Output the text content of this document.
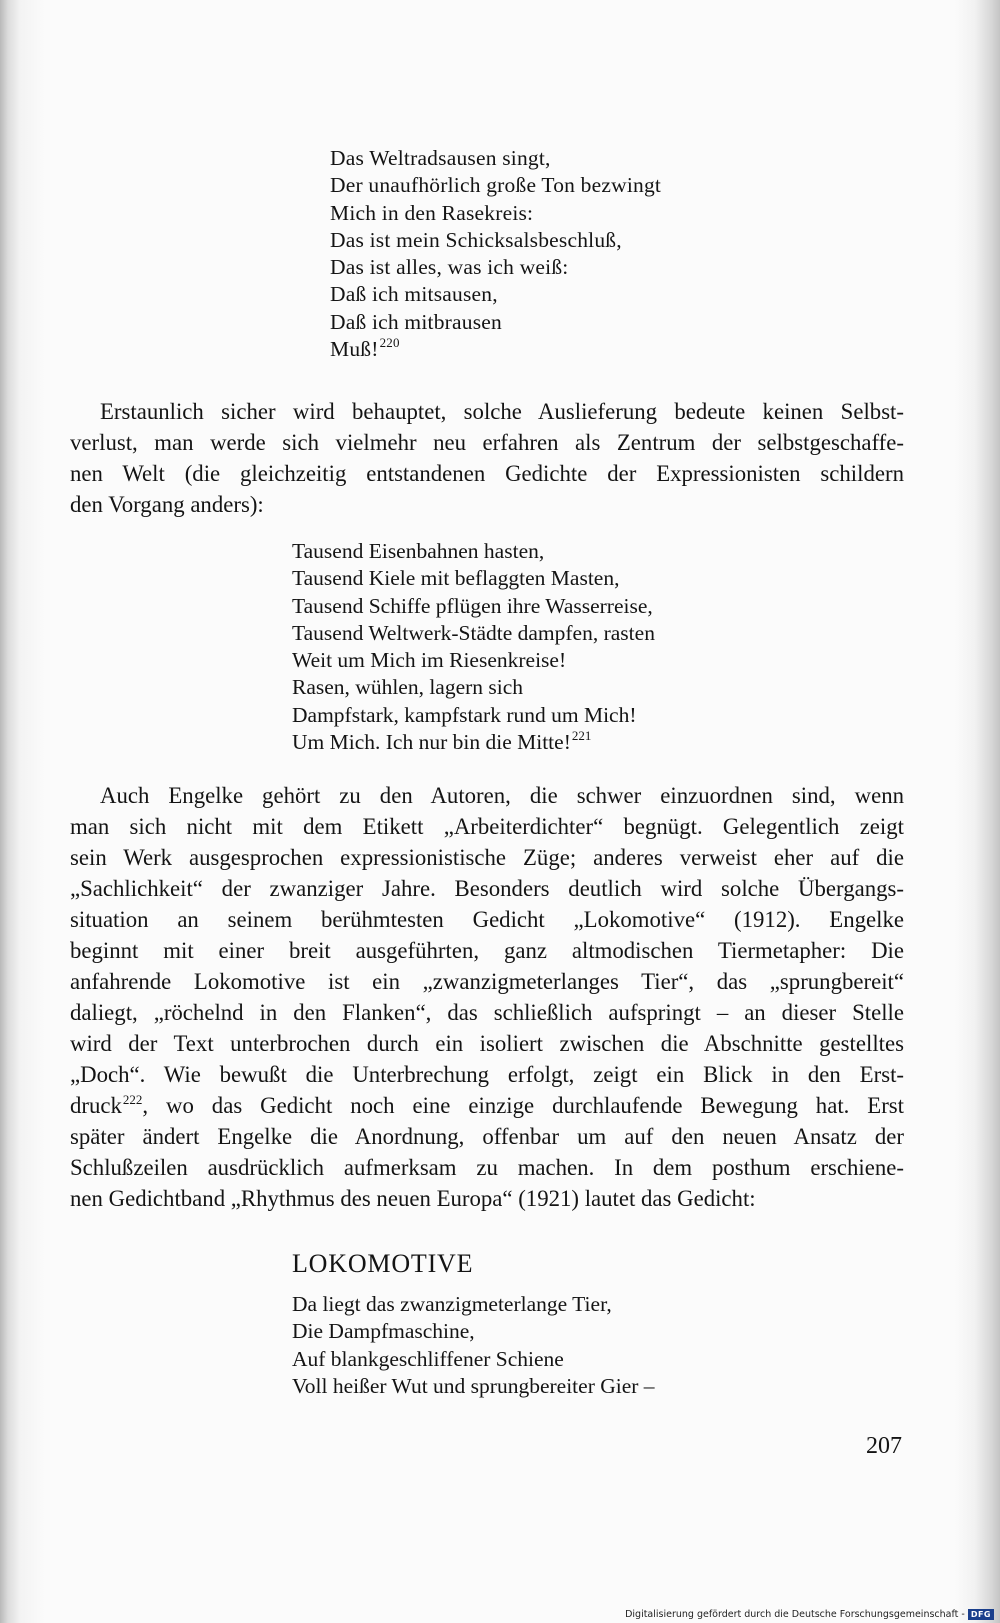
Das Weltradsausen singt,
Der unaufhörlich große Ton bezwingt
Mich in den Rasekreis:
Das ist mein Schicksalsbeschluß,
Das ist alles, was ich weiß:
Daß ich mitsausen,
Daß ich mitbrausen
Muß!$^{220}$
Erstaunlich sicher wird behauptet, solche Auslieferung bedeute keinen Selbst-
verlust, man werde sich vielmehr neu erfahren als Zentrum der selbstgeschaffe-
nen Welt (die gleichzeitig entstandenen Gedichte der Expressionisten schildern
den Vorgang anders):
Tausend Eisenbahnen hasten,
Tausend Kiele mit beflaggten Masten,
Tausend Schiffe pflügen ihre Wasserreise,
Tausend Weltwerk-Städte dampfen, rasten
Weit um Mich im Riesenkreise!
Rasen, wühlen, lagern sich
Dampfstark, kampfstark rund um Mich!
Um Mich. Ich nur bin die Mitte!$^{221}$
Auch Engelke gehört zu den Autoren, die schwer einzuordnen sind, wenn
man sich nicht mit dem Etikett „Arbeiterdichter“ begnügt. Gelegentlich zeigt
sein Werk ausgesprochen expressionistische Züge; anderes verweist eher auf die
„Sachlichkeit“ der zwanziger Jahre. Besonders deutlich wird solche Übergangs-
situation an seinem berühmtesten Gedicht „Lokomotive“ (1912). Engelke
beginnt mit einer breit ausgeführten, ganz altmodischen Tiermetapher: Die
anfahrende Lokomotive ist ein „zwanzigmeterlanges Tier“, das „sprungbereit“
daliegt, „röchelnd in den Flanken“, das schließlich aufspringt – an dieser Stelle
wird der Text unterbrochen durch ein isoliert zwischen die Abschnitte gestelltes
„Doch“. Wie bewußt die Unterbrechung erfolgt, zeigt ein Blick in den Erst-
druck$^{222}$, wo das Gedicht noch eine einzige durchlaufende Bewegung hat. Erst
später ändert Engelke die Anordnung, offenbar um auf den neuen Ansatz der
Schlußzeilen ausdrücklich aufmerksam zu machen. In dem posthum erschiene-
nen Gedichtband „Rhythmus des neuen Europa“ (1921) lautet das Gedicht:
LOKOMOTIVE
Da liegt das zwanzigmeterlange Tier,
Die Dampfmaschine,
Auf blankgeschliffener Schiene
Voll heißer Wut und sprungbereiter Gier –
207
Digitalisierung gefördert durch die Deutsche Forschungsgemeinschaft - DFG
